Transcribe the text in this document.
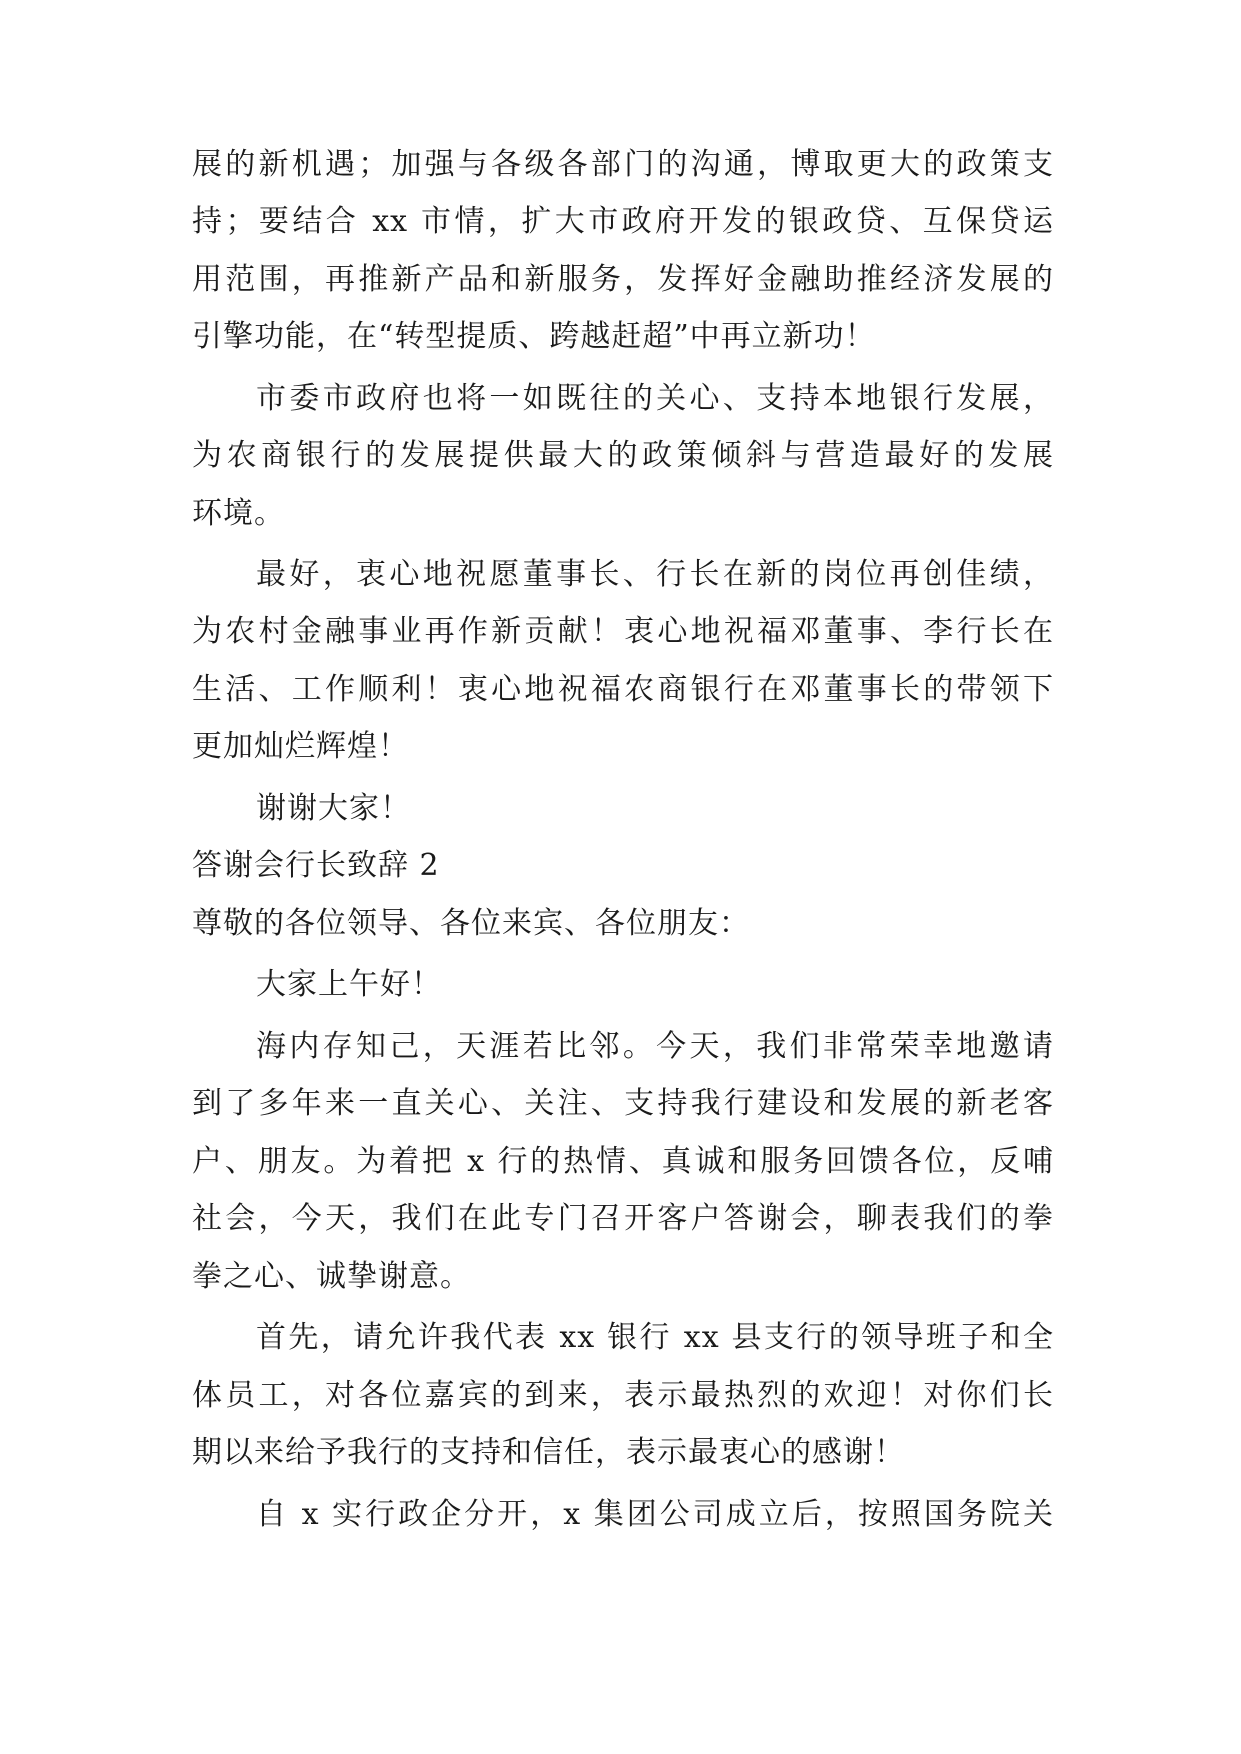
展的新机遇；加强与各级各部门的沟通，博取更大的政策支
持；要结合 xx 市情，扩大市政府开发的银政贷、互保贷运
用范围，再推新产品和新服务，发挥好金融助推经济发展的
引擎功能，在“转型提质、跨越赶超”中再立新功！
市委市政府也将一如既往的关心、支持本地银行发展，
为农商银行的发展提供最大的政策倾斜与营造最好的发展
环境。
最好，衷心地祝愿董事长、行长在新的岗位再创佳绩，
为农村金融事业再作新贡献！衷心地祝福邓董事、李行长在
生活、工作顺利！衷心地祝福农商银行在邓董事长的带领下
更加灿烂辉煌！
谢谢大家！
答谢会行长致辞 2
尊敬的各位领导、各位来宾、各位朋友：
大家上午好！
海内存知己，天涯若比邻。今天，我们非常荣幸地邀请
到了多年来一直关心、关注、支持我行建设和发展的新老客
户、朋友。为着把 x 行的热情、真诚和服务回馈各位，反哺
社会，今天，我们在此专门召开客户答谢会，聊表我们的拳
拳之心、诚挚谢意。
首先，请允许我代表 xx 银行 xx 县支行的领导班子和全
体员工，对各位嘉宾的到来，表示最热烈的欢迎！对你们长
期以来给予我行的支持和信任，表示最衷心的感谢！
自 x 实行政企分开，x 集团公司成立后，按照国务院关
